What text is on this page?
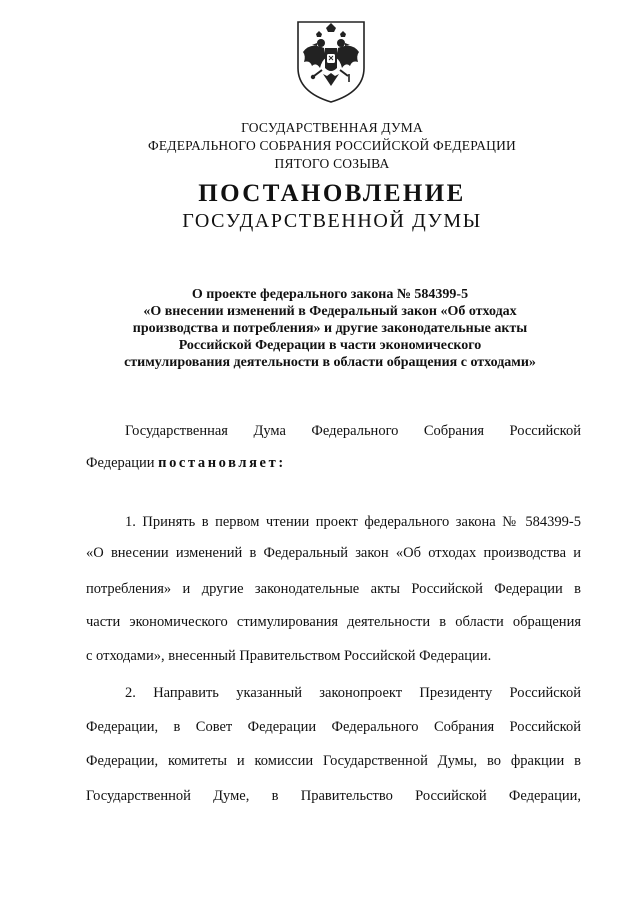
ГОСУДАРСТВЕННАЯ ДУМА
ФЕДЕРАЛЬНОГО СОБРАНИЯ РОССИЙСКОЙ ФЕДЕРАЦИИ
ПЯТОГО СОЗЫВА
ПОСТАНОВЛЕНИЕ
ГОСУДАРСТВЕННОЙ ДУМЫ
О проекте федерального закона № 584399-5
«О внесении изменений в Федеральный закон «Об отходах
производства и потребления» и другие законодательные акты
Российской Федерации в части экономического
стимулирования деятельности в области обращения с отходами»
Государственная Дума Федерального Собрания Российской
Федерации постановляет:
1. Принять в первом чтении проект федерального закона № 584399-5
«О внесении изменений в Федеральный закон «Об отходах производства и
потребления» и другие законодательные акты Российской Федерации в
части экономического стимулирования деятельности в области обращения
с отходами», внесенный Правительством Российской Федерации.
2. Направить указанный законопроект Президенту Российской
Федерации, в Совет Федерации Федерального Собрания Российской
Федерации, комитеты и комиссии Государственной Думы, во фракции в
Государственной Думе, в Правительство Российской Федерации,
